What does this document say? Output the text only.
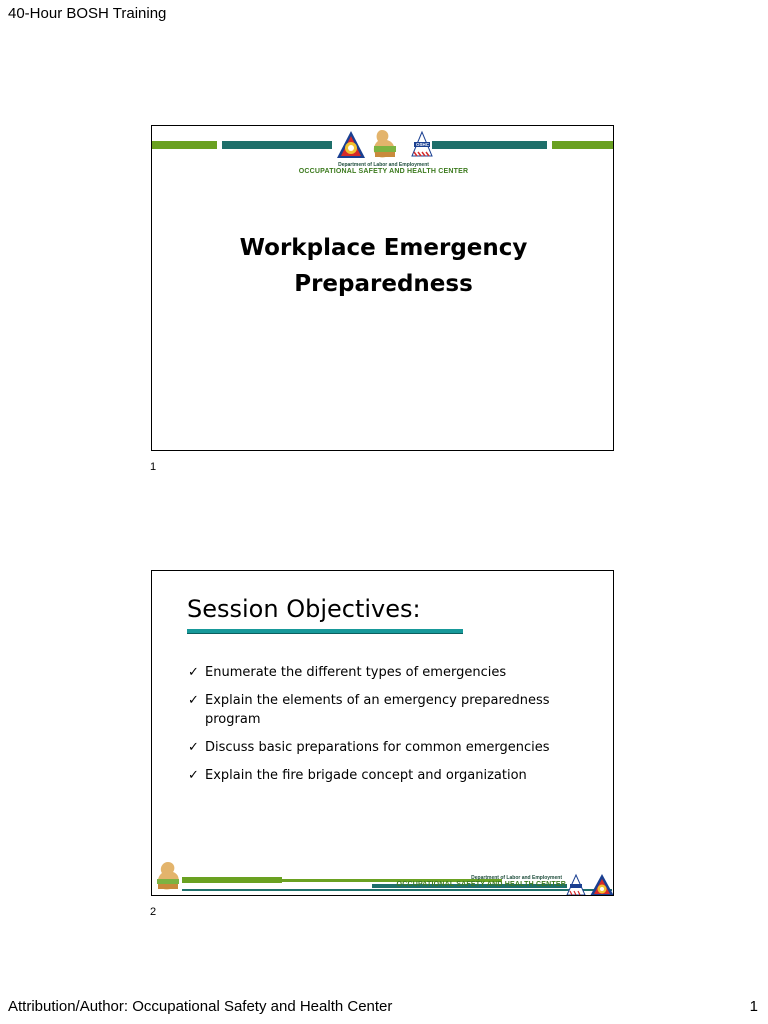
40-Hour BOSH Training
OSHC
Department of Labor and Employment
OCCUPATIONAL SAFETY AND HEALTH CENTER
Workplace Emergency
Preparedness
1
Session Objectives:
✓ Enumerate the different types of emergencies
✓ Explain the elements of an emergency preparedness program
✓ Discuss basic preparations for common emergencies
✓ Explain the fire brigade concept and organization
Department of Labor and Employment
OCCUPATIONAL SAFETY AND HEALTH CENTER
2
Attribution/Author: Occupational Safety and Health Center	1
